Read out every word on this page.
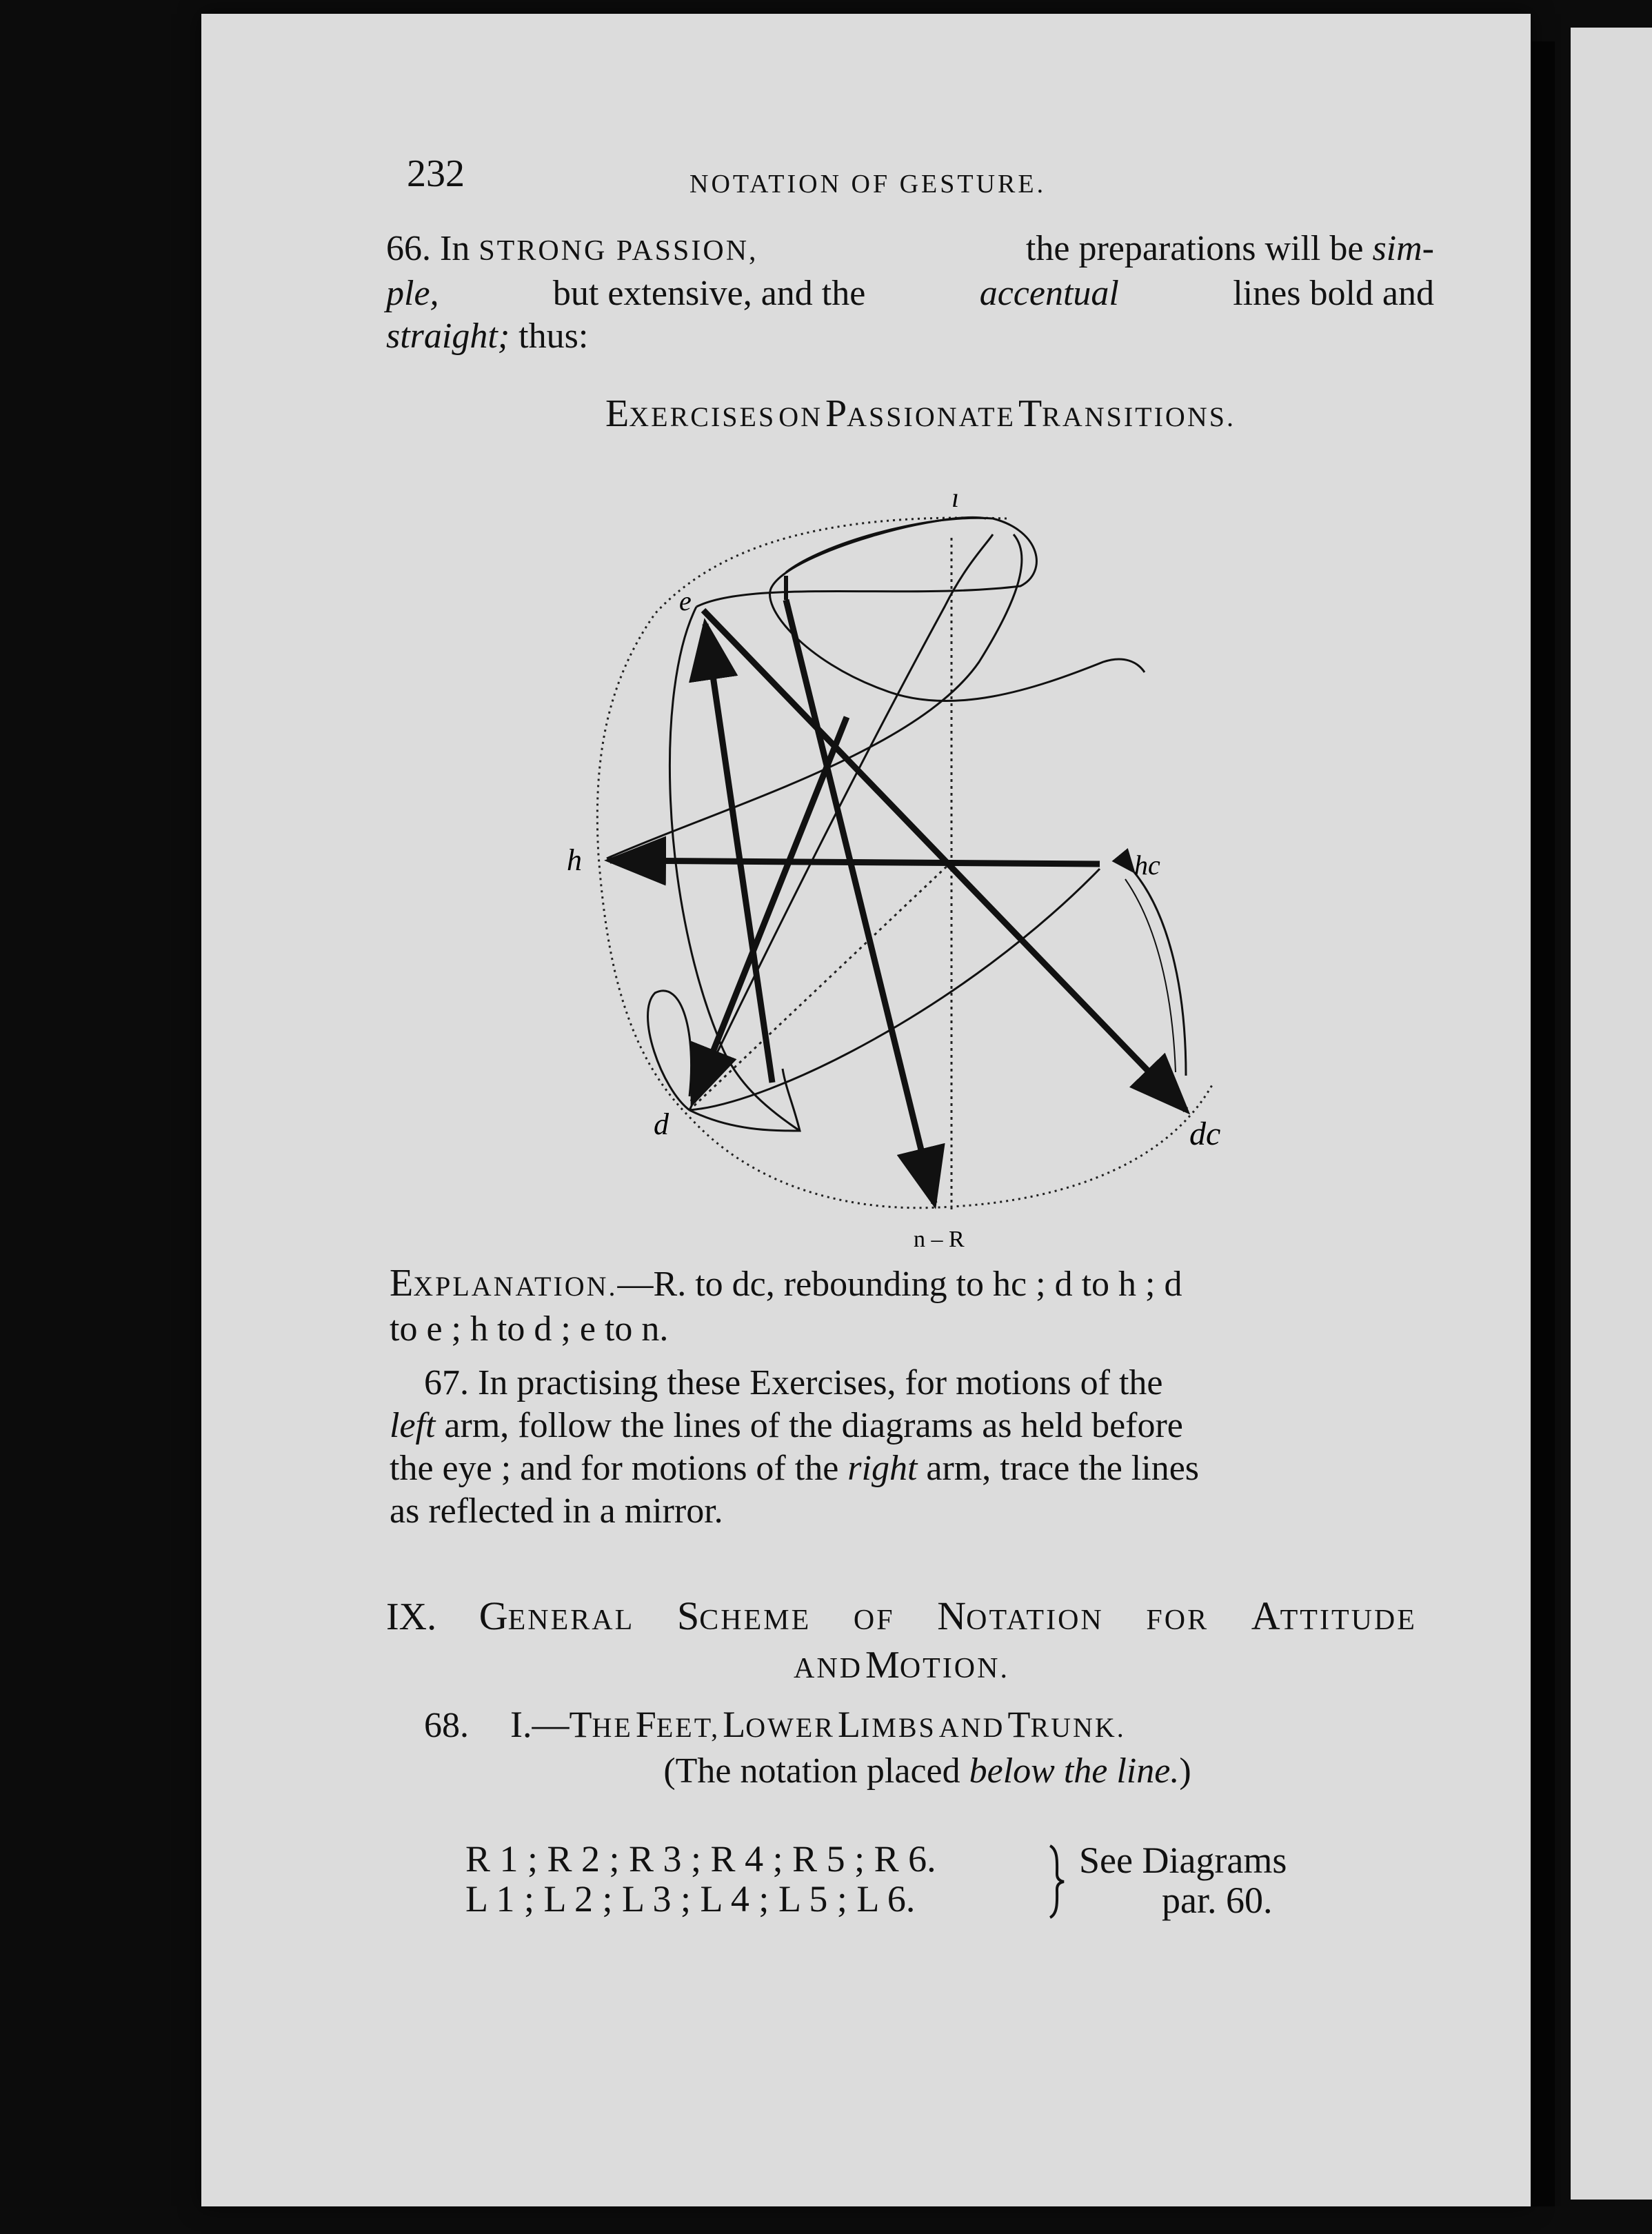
232	NOTATION OF GESTURE.
66. In STRONG PASSION,	the preparations will be sim-
ple,	but extensive, and the	accentual	lines bold and
straight; thus:
EXERCISES ON PASSIONATE TRANSITIONS.
e
ı
h	hc
d	dc
n – R
EXPLANATION.—R. to dc, rebounding to hc ; d to h ; d
to e ; h to d ; e to n.
67. In practising these Exercises, for motions of the
left arm, follow the lines of the diagrams as held before
the eye ; and for motions of the right arm, trace the lines
as reflected in a mirror.
IX. GENERAL SCHEME OF NOTATION FOR ATTITUDE
AND MOTION.
68. I.—THE FEET, LOWER LIMBS AND TRUNK.
(The notation placed below the line.)
R 1 ; R 2 ; R 3 ; R 4 ; R 5 ; R 6.
L 1 ; L 2 ; L 3 ; L 4 ; L 5 ; L 6.
See Diagrams
par. 60.
